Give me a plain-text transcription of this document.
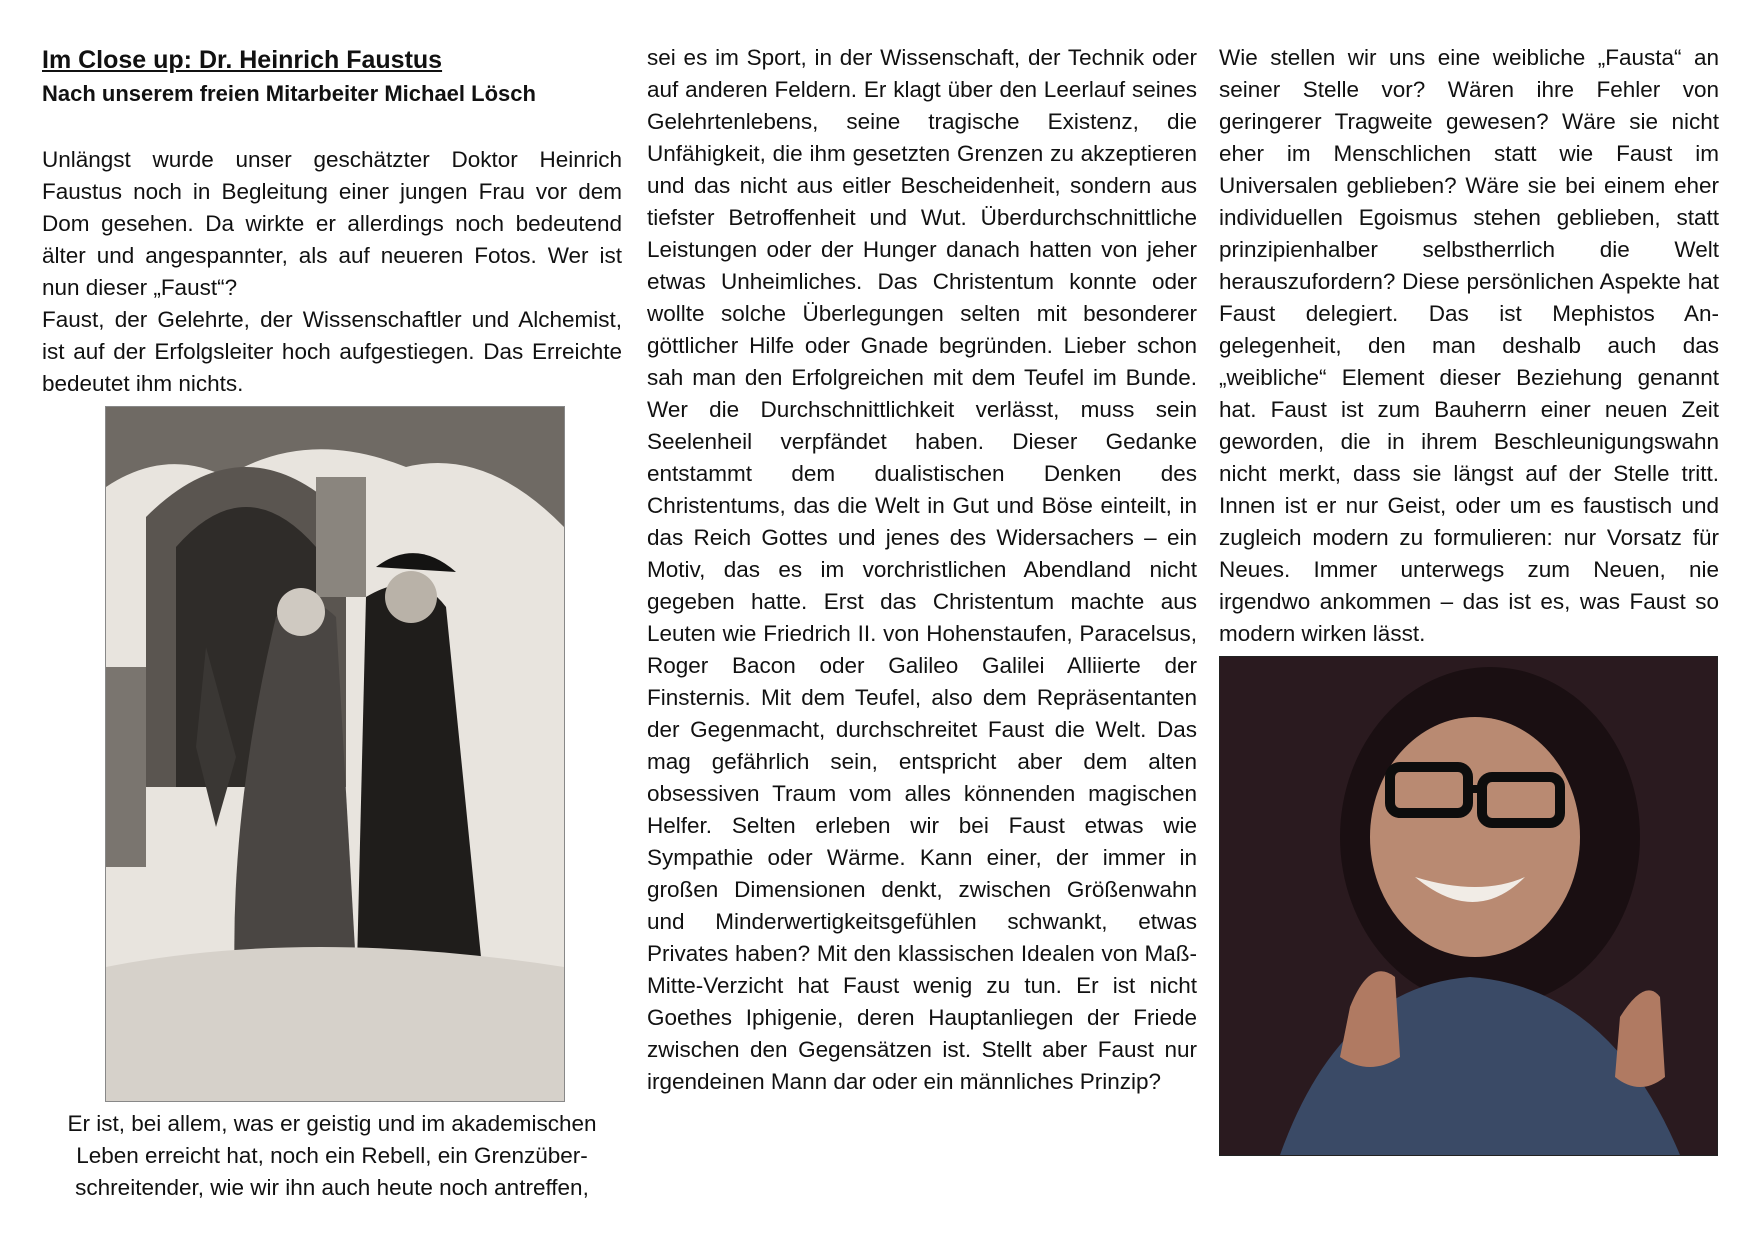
Im Close up: Dr. Heinrich Faustus
Nach unserem freien Mitarbeiter Michael Lösch

Unlängst wurde unser geschätzter Doktor Heinrich Faustus noch in Begleitung einer jungen Frau vor dem Dom gesehen. Da wirkte er allerdings noch bedeutend älter und angespannter, als auf neueren Fotos. Wer ist nun dieser „Faust“?

Faust, der Gelehrte, der Wissenschaftler und Alchemist, ist auf der Erfolgsleiter hoch aufgestiegen. Das Erreichte bedeutet ihm nichts.

Er ist, bei allem, was er geistig und im akademischen Leben erreicht hat, noch ein Rebell, ein Grenzüber-schreitender, wie wir ihn auch heute noch antreffen,

sei es im Sport, in der Wissenschaft, der Technik oder auf anderen Feldern. Er klagt über den Leerlauf seines Gelehrtenlebens, seine tragische Existenz, die Unfähigkeit, die ihm gesetzten Grenzen zu akzeptieren und das nicht aus eitler Bescheidenheit, sondern aus tiefster Betroffenheit und Wut. Überdurchschnittliche Leistungen oder der Hunger danach hatten von jeher etwas Unheimliches. Das Christentum konnte oder wollte solche Überlegungen selten mit besonderer göttlicher Hilfe oder Gnade begründen. Lieber schon sah man den Erfolgreichen mit dem Teufel im Bunde. Wer die Durchschnittlichkeit verlässt, muss sein Seelenheil verpfändet haben. Dieser Gedanke entstammt dem dualistischen Denken des Christentums, das die Welt in Gut und Böse einteilt, in das Reich Gottes und jenes des Widersachers – ein Motiv, das es im vorchristlichen Abendland nicht gegeben hatte. Erst das Christentum machte aus Leuten wie Friedrich II. von Hohenstaufen, Paracelsus, Roger Bacon oder Galileo Galilei Alliierte der Finsternis. Mit dem Teufel, also dem Repräsentanten der Gegenmacht, durchschreitet Faust die Welt. Das mag gefährlich sein, entspricht aber dem alten obsessiven Traum vom alles könnenden magischen Helfer. Selten erleben wir bei Faust etwas wie Sympathie oder Wärme. Kann einer, der immer in großen Dimensionen denkt, zwischen Größenwahn und Minderwertigkeitsgefühlen schwankt, etwas Privates haben? Mit den klassischen Idealen von Maß-Mitte-Verzicht hat Faust wenig zu tun. Er ist nicht Goethes Iphigenie, deren Hauptanliegen der Friede zwischen den Gegensätzen ist. Stellt aber Faust nur irgendeinen Mann dar oder ein männliches Prinzip?

Wie stellen wir uns eine weibliche „Fausta“ an seiner Stelle vor? Wären ihre Fehler von geringerer Tragweite gewesen? Wäre sie nicht eher im Menschlichen statt wie Faust im Universalen geblieben? Wäre sie bei einem eher individuellen Egoismus stehen geblieben, statt prinzipienhalber selbstherrlich die Welt herauszufordern? Diese persönlichen Aspekte hat Faust delegiert. Das ist Mephistos An-gelegenheit, den man deshalb auch das „weibliche“ Element dieser Beziehung genannt hat. Faust ist zum Bauherrn einer neuen Zeit geworden, die in ihrem Beschleunigungswahn nicht merkt, dass sie längst auf der Stelle tritt. Innen ist er nur Geist, oder um es faustisch und zugleich modern zu formulieren: nur Vorsatz für Neues. Immer unterwegs zum Neuen, nie irgendwo ankommen – das ist es, was Faust so modern wirken lässt.
